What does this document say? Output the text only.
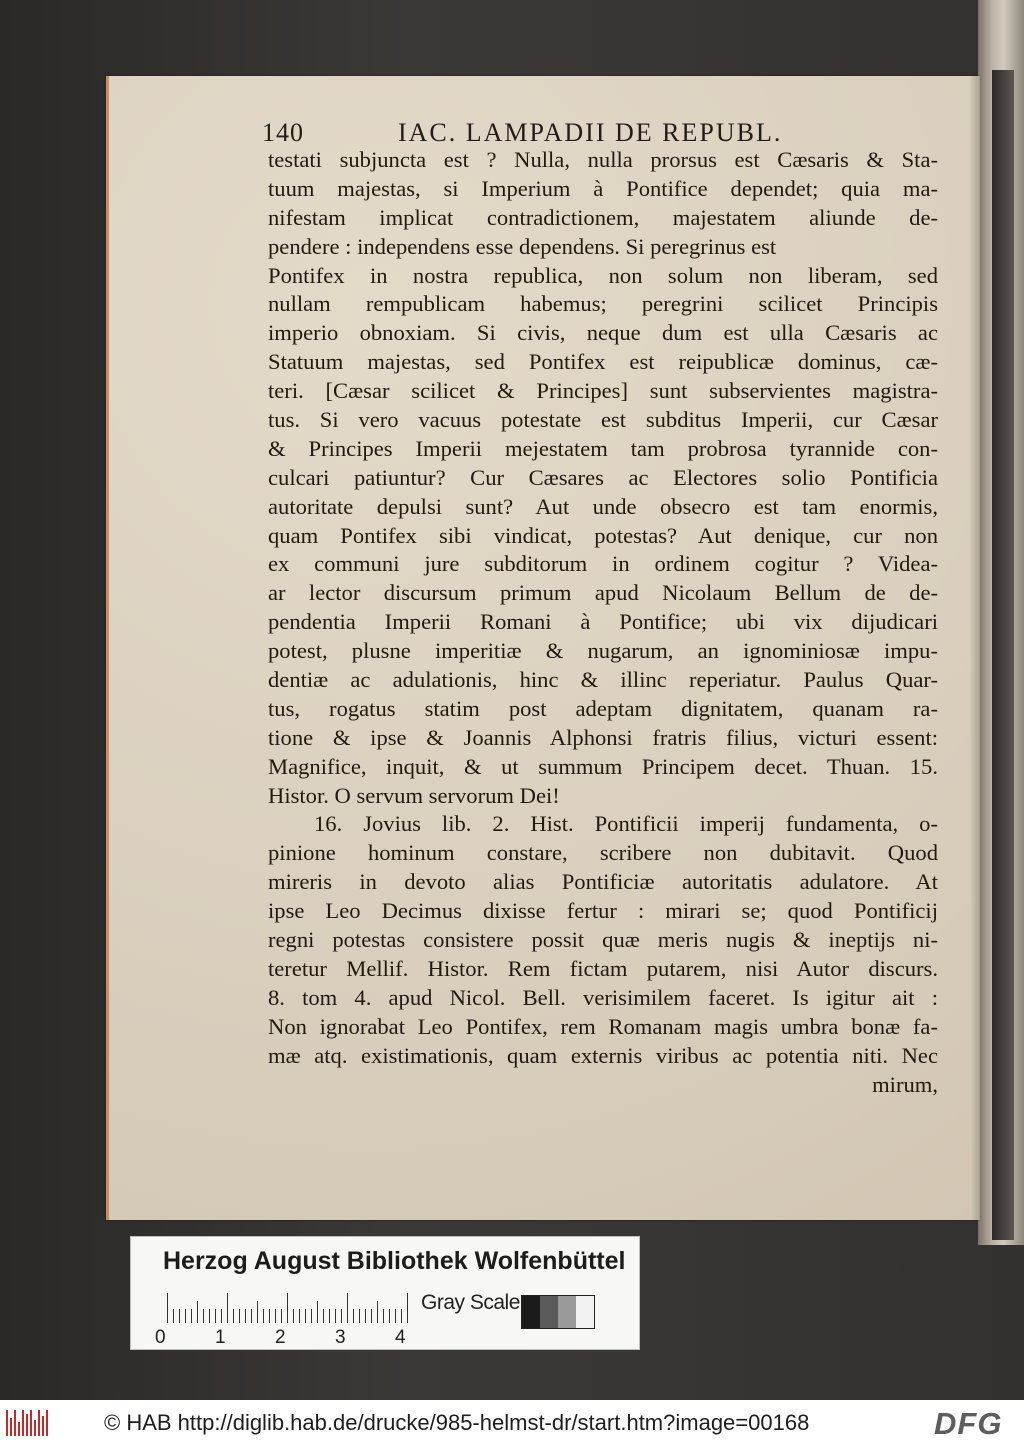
140	IAC. LAMPADII DE REPUBL.
testati subjuncta est ? Nulla, nulla prorsus est Cæsaris & Sta-
tuum majestas, si Imperium à Pontifice dependet; quia ma-
nifestam implicat contradictionem, majestatem aliunde de-
pendere : independens esse dependens. Si peregrinus est
Pontifex in nostra republica, non solum non liberam, sed
nullam rempublicam habemus; peregrini scilicet Principis
imperio obnoxiam. Si civis, neque dum est ulla Cæsaris ac
Statuum majestas, sed Pontifex est reipublicæ dominus, cæ-
teri. [Cæsar scilicet & Principes] sunt subservientes magistra-
tus. Si vero vacuus potestate est subditus Imperii, cur Cæsar
& Principes Imperii mejestatem tam probrosa tyrannide con-
culcari patiuntur? Cur Cæsares ac Electores solio Pontificia
autoritate depulsi sunt? Aut unde obsecro est tam enormis,
quam Pontifex sibi vindicat, potestas? Aut denique, cur non
ex communi jure subditorum in ordinem cogitur ? Videa-
ar lector discursum primum apud Nicolaum Bellum de de-
pendentia Imperii Romani à Pontifice; ubi vix dijudicari
potest, plusne imperitiæ & nugarum, an ignominiosæ impu-
dentiæ ac adulationis, hinc & illinc reperiatur. Paulus Quar-
tus, rogatus statim post adeptam dignitatem, quanam ra-
tione & ipse & Joannis Alphonsi fratris filius, victuri essent:
Magnifice, inquit, & ut summum Principem decet. Thuan. 15.
Histor. O servum servorum Dei!
16. Jovius lib. 2. Hist. Pontificii imperij fundamenta, o-
pinione hominum constare, scribere non dubitavit. Quod
mireris in devoto alias Pontificiæ autoritatis adulatore. At
ipse Leo Decimus dixisse fertur : mirari se; quod Pontificij
regni potestas consistere possit quæ meris nugis & ineptijs ni-
teretur Mellif. Histor. Rem fictam putarem, nisi Autor discurs.
8. tom 4. apud Nicol. Bell. verisimilem faceret. Is igitur ait :
Non ignorabat Leo Pontifex, rem Romanam magis umbra bonæ fa-
mæ atq. existimationis, quam externis viribus ac potentia niti. Nec
mirum,
Herzog August Bibliothek Wolfenbüttel
0	1	2	3	4
Gray Scale
© HAB http://diglib.hab.de/drucke/985-helmst-dr/start.htm?image=00168	DFG
